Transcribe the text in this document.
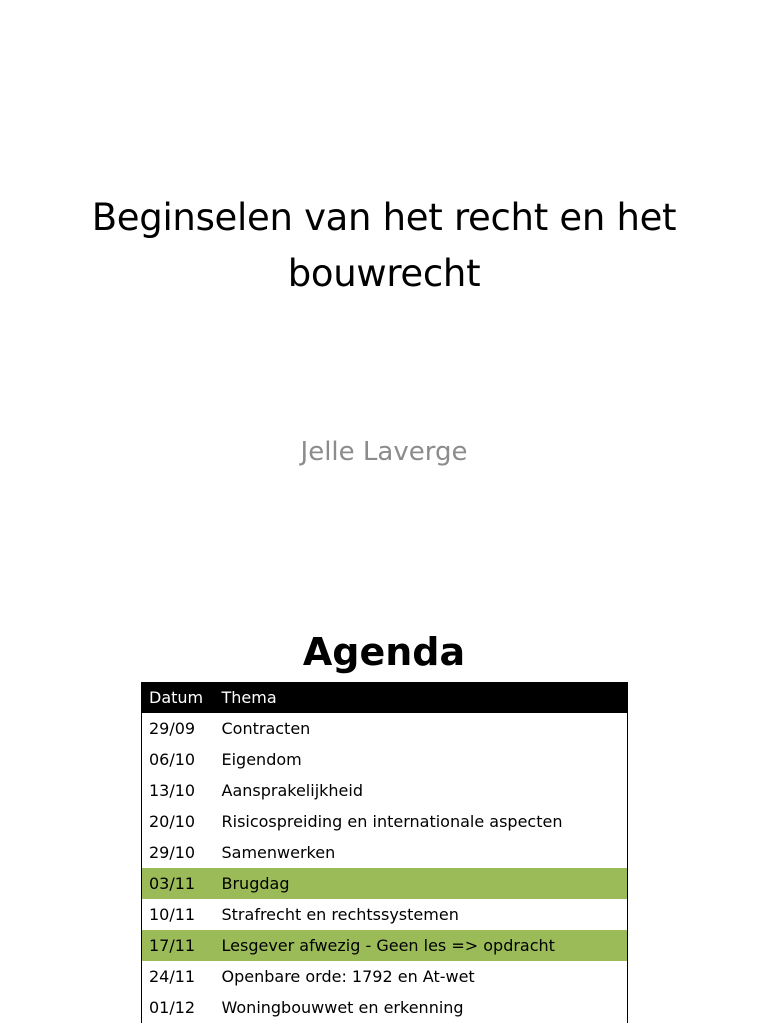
Beginselen van het recht en het bouwrecht

Jelle Laverge

Agenda
Datum	Thema
29/09	Contracten
06/10	Eigendom
13/10	Aansprakelijkheid
20/10	Risicospreiding en internationale aspecten
29/10	Samenwerken
03/11	Brugdag
10/11	Strafrecht en rechtssystemen
17/11	Lesgever afwezig - Geen les => opdracht
24/11	Openbare orde: 1792 en At-wet
01/12	Woningbouwwet en erkenning
